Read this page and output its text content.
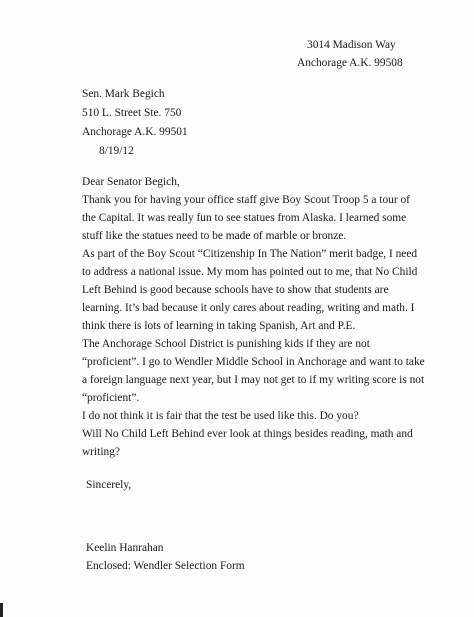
3014 Madison Way
Anchorage A.K. 99508
Sen. Mark Begich
510 L. Street Ste. 750
Anchorage A.K. 99501
8/19/12
Dear Senator Begich,
Thank you for having your office staff give Boy Scout Troop 5 a tour of
the Capital. It was really fun to see statues from Alaska. I learned some
stuff like the statues need to be made of marble or bronze.
As part of the Boy Scout “Citizenship In The Nation” merit badge, I need
to address a national issue. My mom has pointed out to me, that No Child
Left Behind is good because schools have to show that students are
learning. It’s bad because it only cares about reading, writing and math. I
think there is lots of learning in taking Spanish, Art and P.E.
The Anchorage School District is punishing kids if they are not
“proficient”. I go to Wendler Middle School in Anchorage and want to take
a foreign language next year, but I may not get to if my writing score is not
“proficient”.
I do not think it is fair that the test be used like this. Do you?
Will No Child Left Behind ever look at things besides reading, math and
writing?
Sincerely,
Keelin Hanrahan
Enclosed: Wendler Selection Form
